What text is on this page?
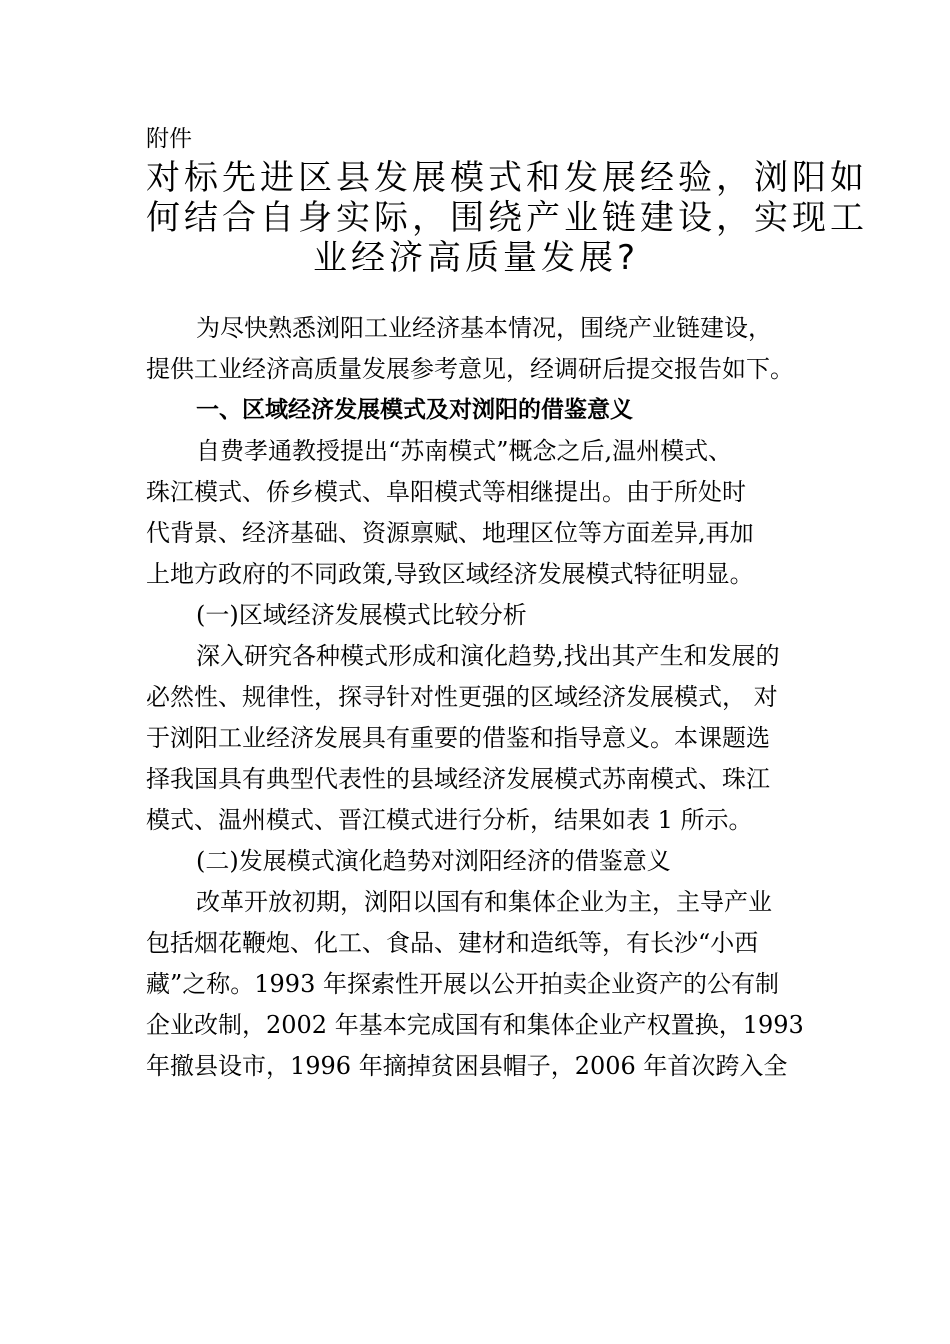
附件
对标先进区县发展模式和发展经验，浏阳如
何结合自身实际，围绕产业链建设，实现工
业经济高质量发展?

为尽快熟悉浏阳工业经济基本情况，围绕产业链建设，
提供工业经济高质量发展参考意见，经调研后提交报告如下。

一、区域经济发展模式及对浏阳的借鉴意义

自费孝通教授提出“苏南模式”概念之后,温州模式、
珠江模式、侨乡模式、阜阳模式等相继提出。由于所处时
代背景、经济基础、资源禀赋、地理区位等方面差异,再加
上地方政府的不同政策,导致区域经济发展模式特征明显。

(一)区域经济发展模式比较分析

深入研究各种模式形成和演化趋势,找出其产生和发展的
必然性、规律性，探寻针对性更强的区域经济发展模式， 对
于浏阳工业经济发展具有重要的借鉴和指导意义。本课题选
择我国具有典型代表性的县域经济发展模式苏南模式、珠江
模式、温州模式、晋江模式进行分析，结果如表 1 所示。

(二)发展模式演化趋势对浏阳经济的借鉴意义

改革开放初期，浏阳以国有和集体企业为主，主导产业
包括烟花鞭炮、化工、食品、建材和造纸等，有长沙“小西
藏”之称。1993 年探索性开展以公开拍卖企业资产的公有制
企业改制，2002 年基本完成国有和集体企业产权置换，1993
年撤县设市，1996 年摘掉贫困县帽子，2006 年首次跨入全
